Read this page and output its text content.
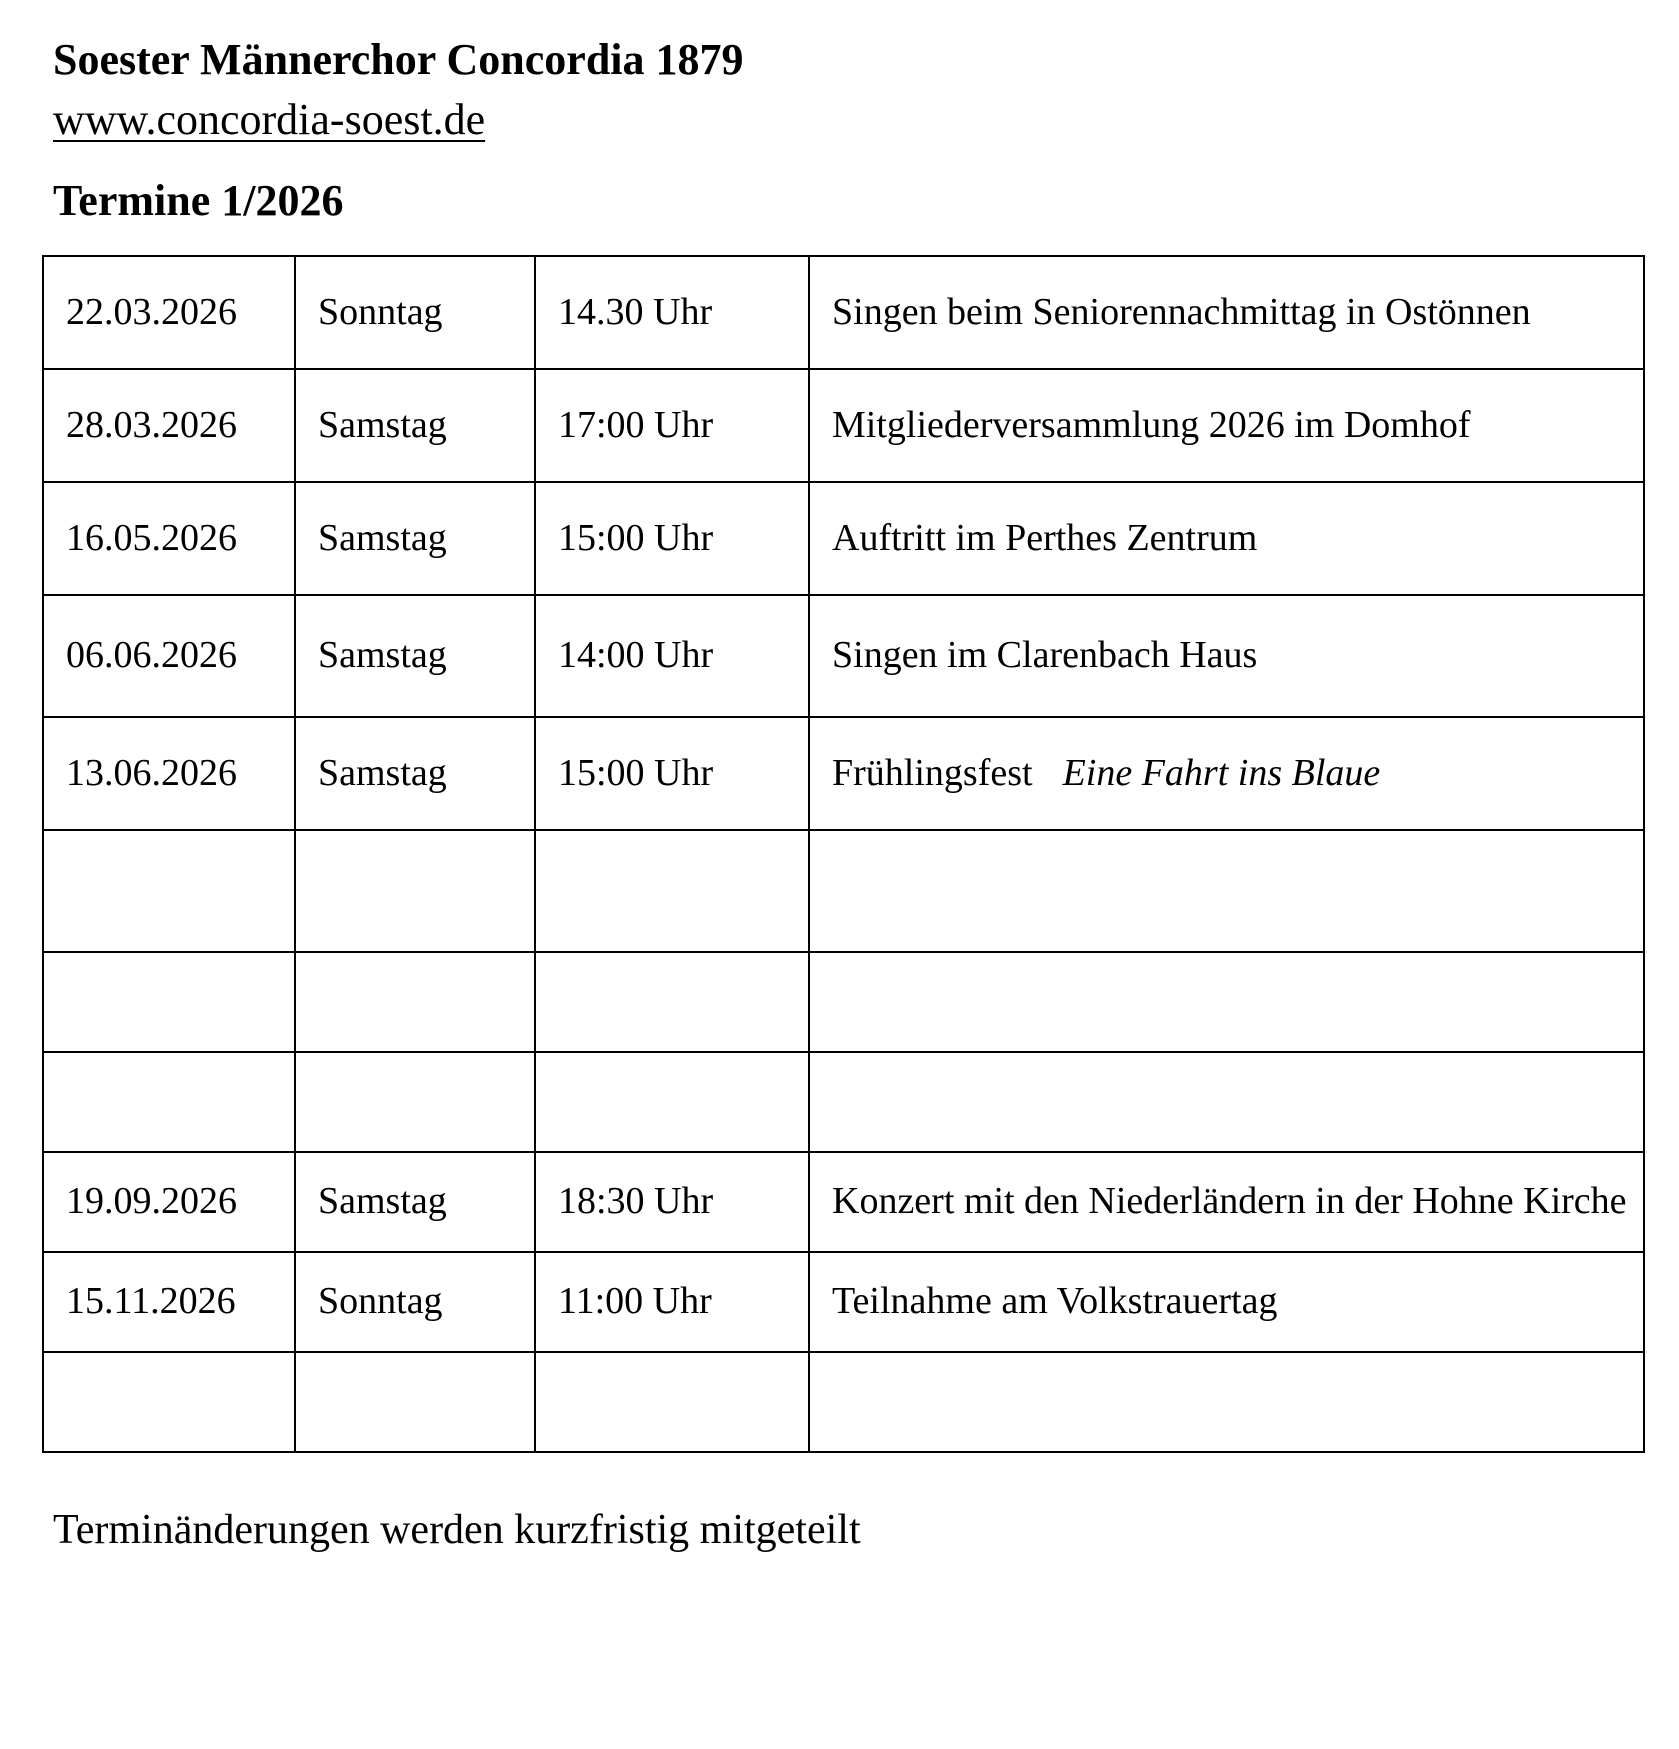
Soester Männerchor Concordia 1879
www.concordia-soest.de
Termine 1/2026
22.03.2026	Sonntag	14.30 Uhr	Singen beim Seniorennachmittag in Ostönnen
28.03.2026	Samstag	17:00 Uhr	Mitgliederversammlung 2026 im Domhof
16.05.2026	Samstag	15:00 Uhr	Auftritt im Perthes Zentrum
06.06.2026	Samstag	14:00 Uhr	Singen im Clarenbach Haus
13.06.2026	Samstag	15:00 Uhr	Frühlingsfest Eine Fahrt ins Blaue

19.09.2026	Samstag	18:30 Uhr	Konzert mit den Niederländern in der Hohne Kirche
15.11.2026	Sonntag	11:00 Uhr	Teilnahme am Volkstrauertag

Terminänderungen werden kurzfristig mitgeteilt
